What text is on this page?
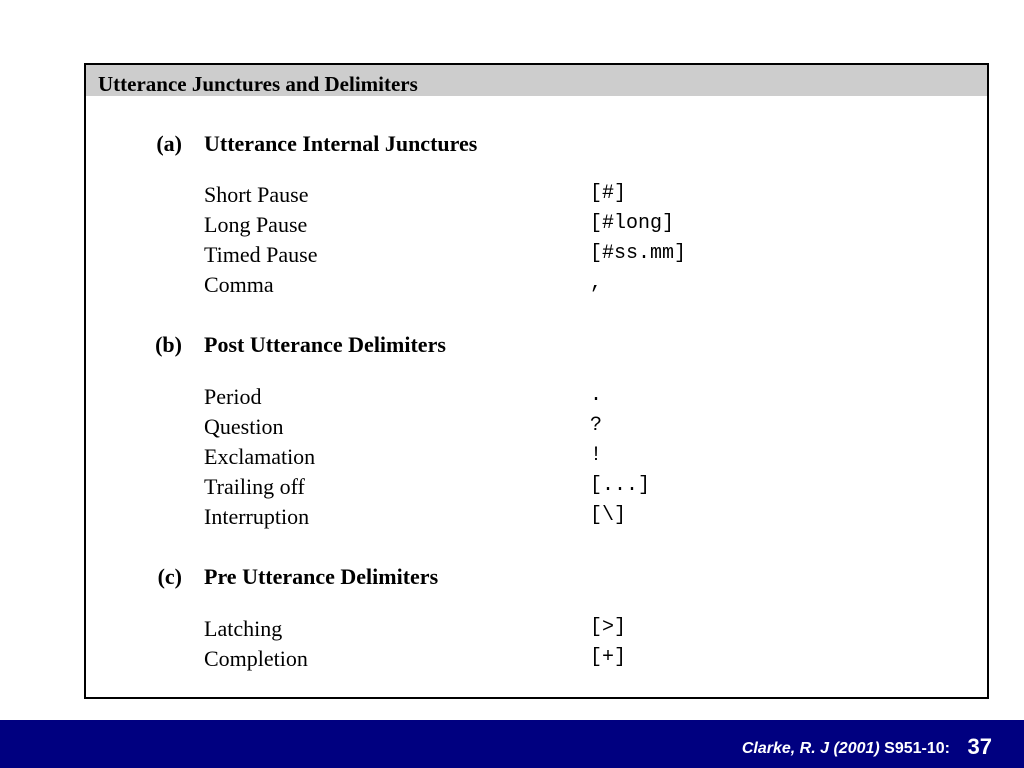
Utterance Junctures and Delimiters
(a) Utterance Internal Junctures
Short Pause	[#]
Long Pause	[#long]
Timed Pause	[#ss.mm]
Comma	,
(b) Post Utterance Delimiters
Period	.
Question	?
Exclamation	!
Trailing off	[...]
Interruption	[\]
(c) Pre Utterance Delimiters
Latching	[>]
Completion	[+]
Clarke, R. J (2001) S951-10: 37
